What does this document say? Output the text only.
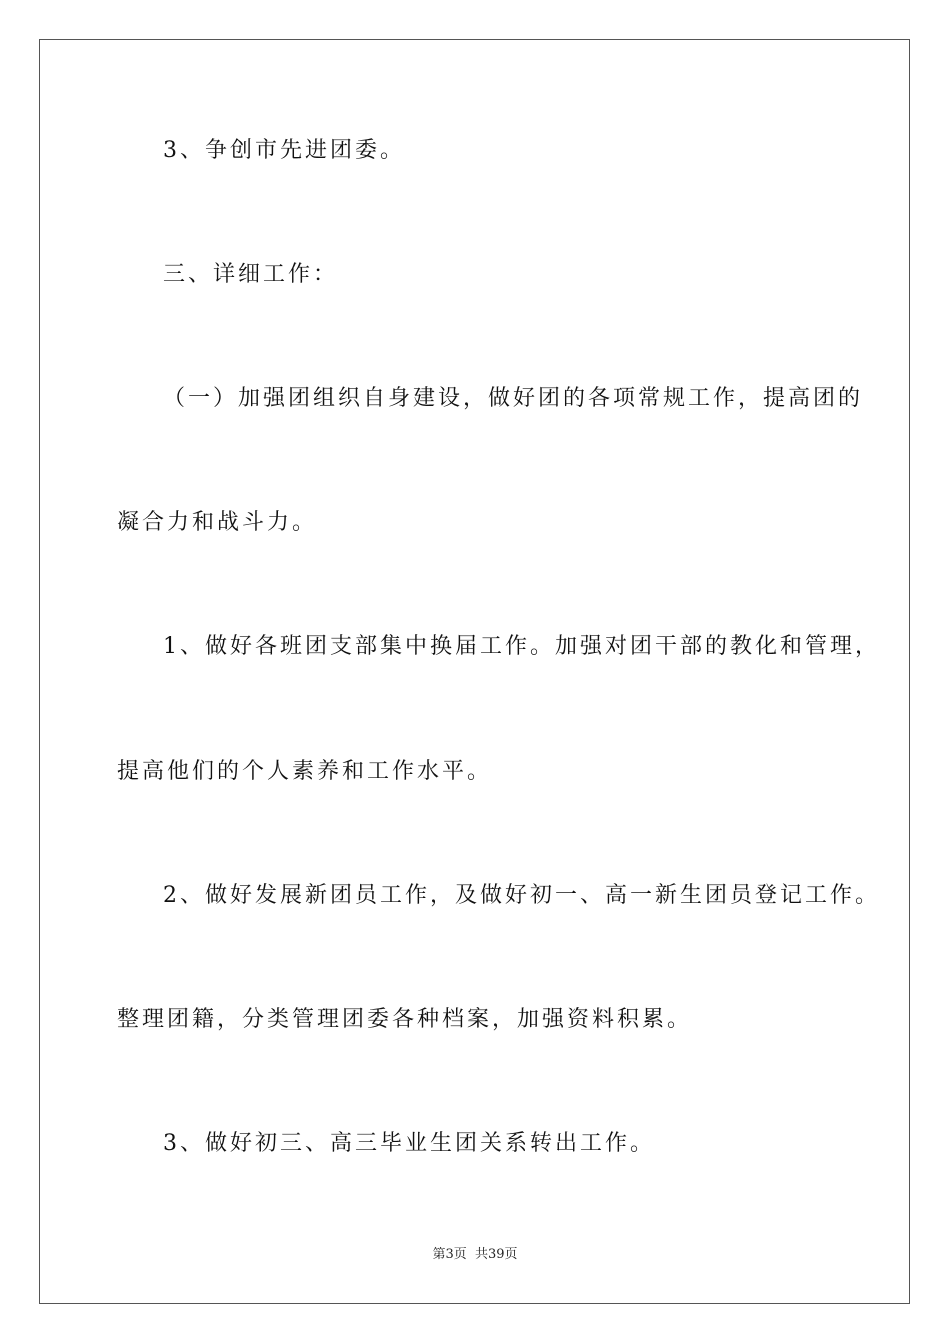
3、争创市先进团委。
三、详细工作：
（一）加强团组织自身建设，做好团的各项常规工作，提高团的
凝合力和战斗力。
1、做好各班团支部集中换届工作。加强对团干部的教化和管理，
提高他们的个人素养和工作水平。
2、做好发展新团员工作，及做好初一、高一新生团员登记工作。
整理团籍，分类管理团委各种档案，加强资料积累。
3、做好初三、高三毕业生团关系转出工作。
第3页  共39页
